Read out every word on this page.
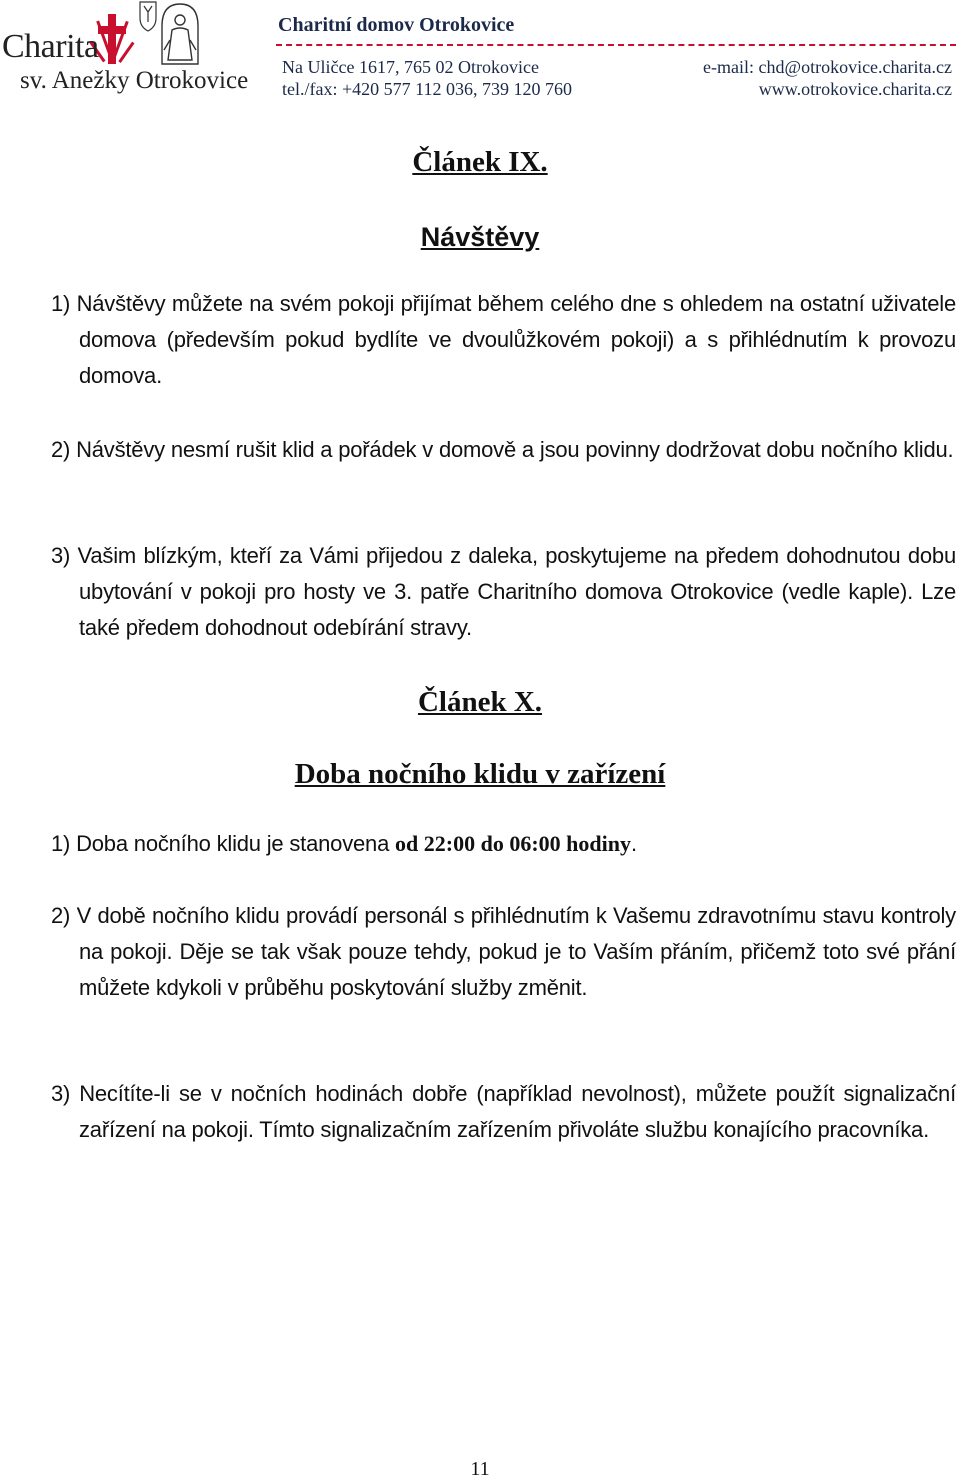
Charita
sv. Anežky Otrokovice
Charitní domov Otrokovice
Na Uličce 1617, 765 02 Otrokovice
tel./fax: +420 577 112 036, 739 120 760
e-mail: chd@otrokovice.charita.cz
www.otrokovice.charita.cz
Článek IX.
Návštěvy

1) Návštěvy můžete na svém pokoji přijímat během celého dne s ohledem na ostatní uživatele domova (především pokud bydlíte ve dvoulůžkovém pokoji) a s přihlédnutím k provozu domova.

2) Návštěvy nesmí rušit klid a pořádek v domově a jsou povinny dodržovat dobu nočního klidu.

3) Vašim blízkým, kteří za Vámi přijedou z daleka, poskytujeme na předem dohodnutou dobu ubytování v pokoji pro hosty ve 3. patře Charitního domova Otrokovice (vedle kaple). Lze také předem dohodnout odebírání stravy.

Článek X.
Doba nočního klidu v zařízení

1) Doba nočního klidu je stanovena od 22:00 do 06:00 hodiny.

2) V době nočního klidu provádí personál s přihlédnutím k Vašemu zdravotnímu stavu kontroly na pokoji. Děje se tak však pouze tehdy, pokud je to Vaším přáním, přičemž toto své přání můžete kdykoli v průběhu poskytování služby změnit.

3) Necítíte-li se v nočních hodinách dobře (například nevolnost), můžete použít signalizační zařízení na pokoji. Tímto signalizačním zařízením přivoláte službu konajícího pracovníka.

11
